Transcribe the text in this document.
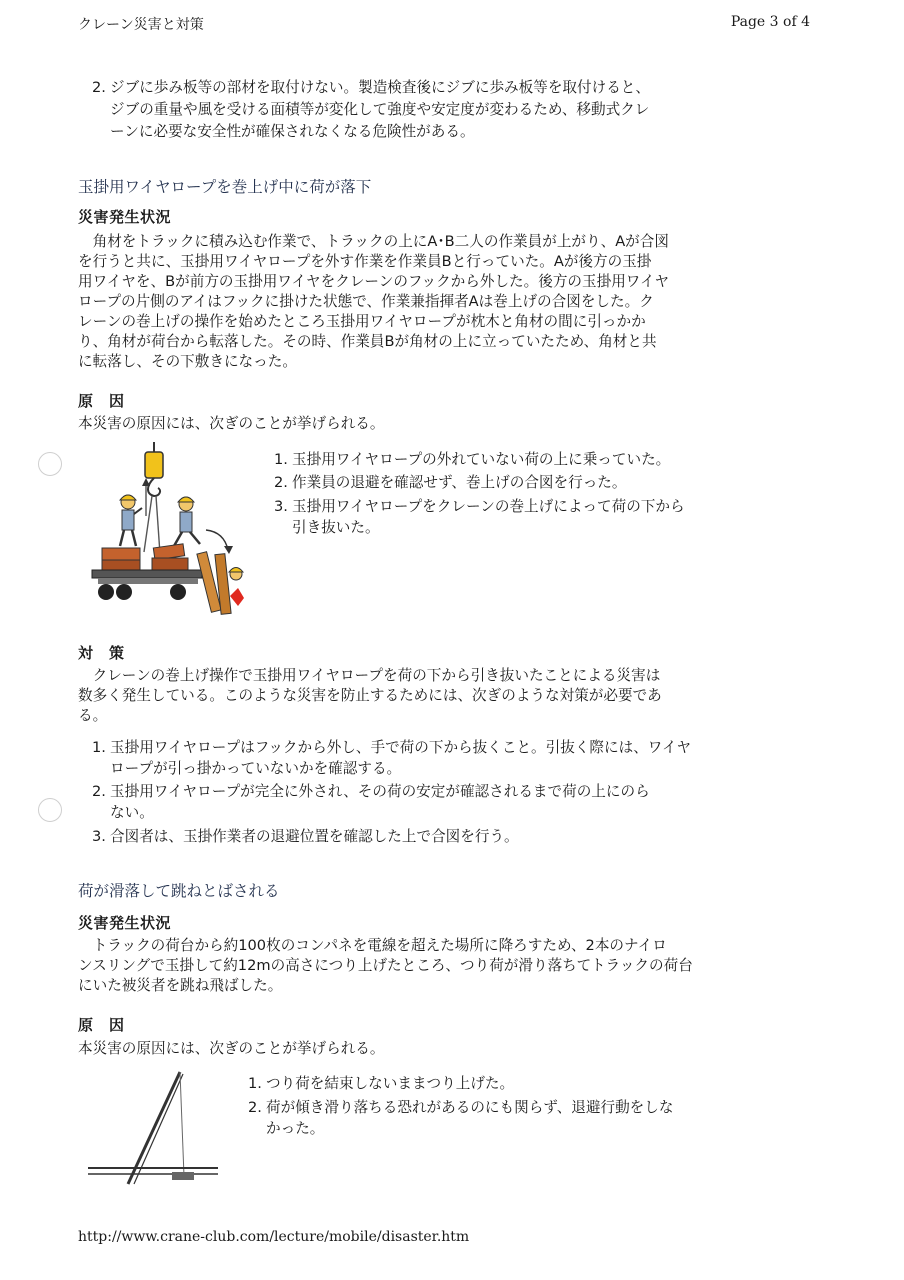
クレーン災害と対策	Page 3 of 4
2. ジブに歩み板等の部材を取付けない。製造検査後にジブに歩み板等を取付けると、
ジブの重量や風を受ける面積等が変化して強度や安定度が変わるため、移動式クレ
ーンに必要な安全性が確保されなくなる危険性がある。
玉掛用ワイヤロープを巻上げ中に荷が落下
災害発生状況
　角材をトラックに積み込む作業で、トラックの上にA･B二人の作業員が上がり、Aが合図
を行うと共に、玉掛用ワイヤロープを外す作業を作業員Bと行っていた。Aが後方の玉掛
用ワイヤを、Bが前方の玉掛用ワイヤをクレーンのフックから外した。後方の玉掛用ワイヤ
ロープの片側のアイはフックに掛けた状態で、作業兼指揮者Aは巻上げの合図をした。ク
レーンの巻上げの操作を始めたところ玉掛用ワイヤロープが枕木と角材の間に引っかか
り、角材が荷台から転落した。その時、作業員Bが角材の上に立っていたため、角材と共
に転落し、その下敷きになった。
原　因
本災害の原因には、次ぎのことが挙げられる。
1. 玉掛用ワイヤロープの外れていない荷の上に乗っていた。
2. 作業員の退避を確認せず、巻上げの合図を行った。
3. 玉掛用ワイヤロープをクレーンの巻上げによって荷の下から
引き抜いた。
対　策
　クレーンの巻上げ操作で玉掛用ワイヤロープを荷の下から引き抜いたことによる災害は
数多く発生している。このような災害を防止するためには、次ぎのような対策が必要であ
る。
1. 玉掛用ワイヤロープはフックから外し、手で荷の下から抜くこと。引抜く際には、ワイヤ
ロープが引っ掛かっていないかを確認する。
2. 玉掛用ワイヤロープが完全に外され、その荷の安定が確認されるまで荷の上にのら
ない。
3. 合図者は、玉掛作業者の退避位置を確認した上で合図を行う。
荷が滑落して跳ねとばされる
災害発生状況
　トラックの荷台から約100枚のコンパネを電線を超えた場所に降ろすため、2本のナイロ
ンスリングで玉掛して約12mの高さにつり上げたところ、つり荷が滑り落ちてトラックの荷台
にいた被災者を跳ね飛ばした。
原　因
本災害の原因には、次ぎのことが挙げられる。
1. つり荷を結束しないままつり上げた。
2. 荷が傾き滑り落ちる恐れがあるのにも関らず、退避行動をしな
かった。
http://www.crane-club.com/lecture/mobile/disaster.htm
